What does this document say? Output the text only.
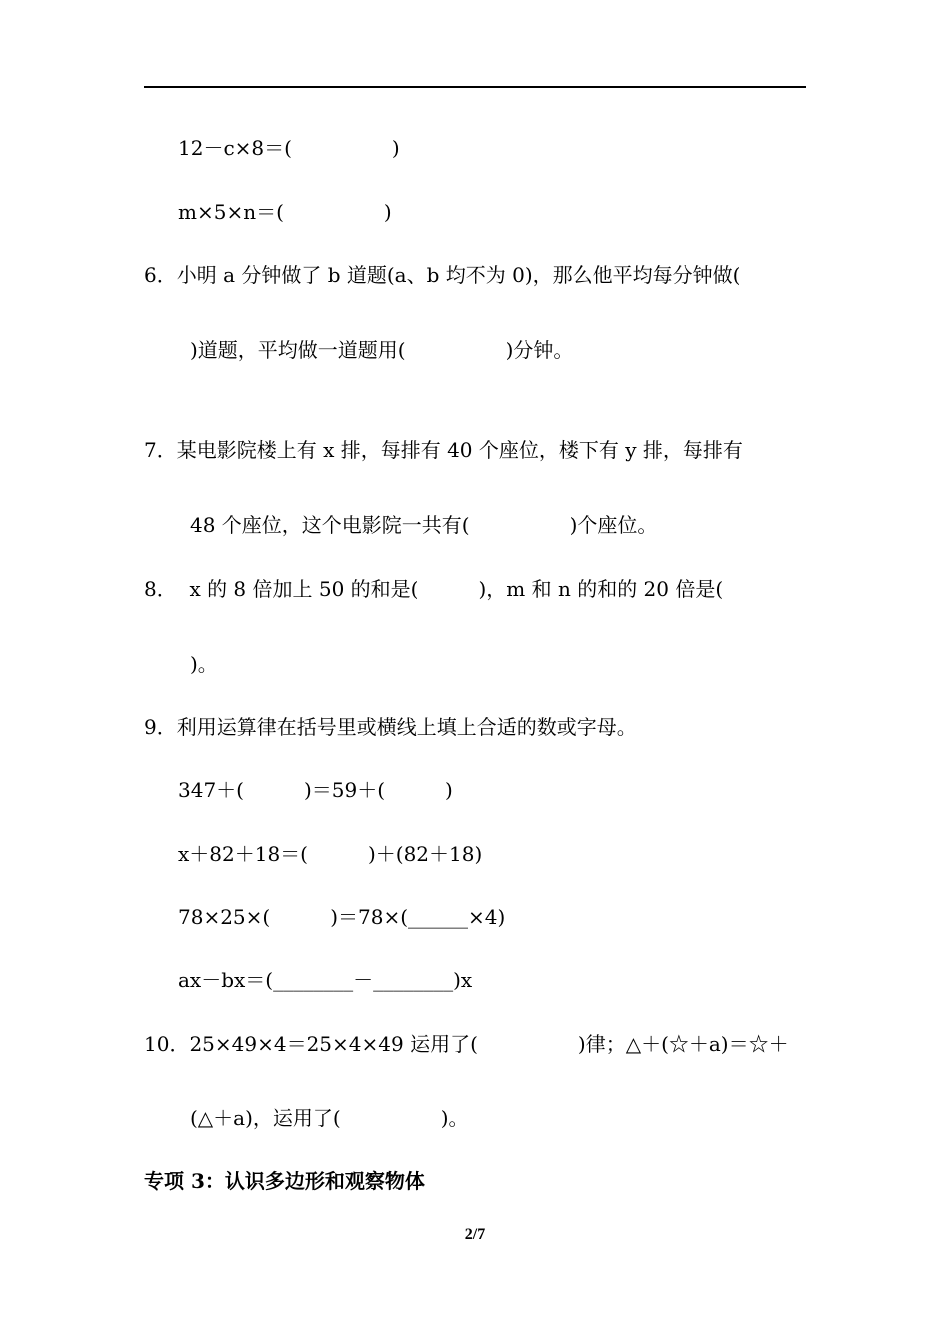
12－c×8＝(　　　　　)
m×5×n＝(　　　　　)
6．小明 a 分钟做了 b 道题(a、b 均不为 0)，那么他平均每分钟做(
)道题，平均做一道题用(　　　　　)分钟。
7．某电影院楼上有 x 排，每排有 40 个座位，楼下有 y 排，每排有
48 个座位，这个电影院一共有(　　　　　)个座位。
8．  x 的 8 倍加上 50 的和是(　　　)，m 和 n 的和的 20 倍是(
)。
9．利用运算律在括号里或横线上填上合适的数或字母。
347＋(　　　)＝59＋(　　　)
x＋82＋18＝(　　　)＋(82＋18)
78×25×(　　　)＝78×(______×4)
ax－bx＝(________－________)x
10．25×49×4＝25×4×49 运用了(　　　　　)律；△＋(☆＋a)＝☆＋
(△＋a)，运用了(　　　　　)。
专项 3：认识多边形和观察物体
2/7
